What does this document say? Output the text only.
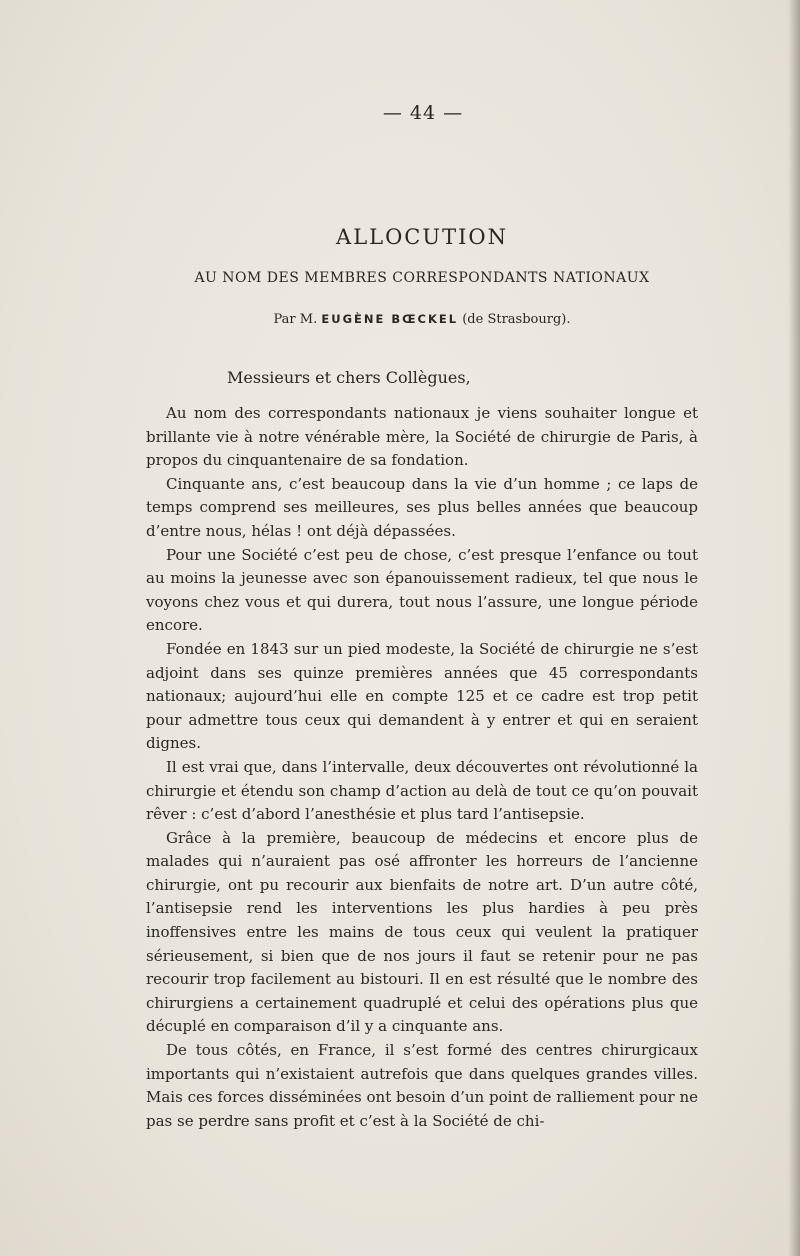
— 44 —
ALLOCUTION
AU NOM DES MEMBRES CORRESPONDANTS NATIONAUX
Par M. EUGÈNE BŒCKEL (de Strasbourg).
Messieurs et chers Collègues,

Au nom des correspondants nationaux je viens souhaiter longue et brillante vie à notre vénérable mère, la Société de chirurgie de Paris, à propos du cinquantenaire de sa fondation.

Cinquante ans, c’est beaucoup dans la vie d’un homme ; ce laps de temps comprend ses meilleures, ses plus belles années que beaucoup d’entre nous, hélas ! ont déjà dépassées.

Pour une Société c’est peu de chose, c’est presque l’enfance ou tout au moins la jeunesse avec son épanouissement radieux, tel que nous le voyons chez vous et qui durera, tout nous l’assure, une longue période encore.

Fondée en 1843 sur un pied modeste, la Société de chirurgie ne s’est adjoint dans ses quinze premières années que 45 correspondants nationaux; aujourd’hui elle en compte 125 et ce cadre est trop petit pour admettre tous ceux qui demandent à y entrer et qui en seraient dignes.

Il est vrai que, dans l’intervalle, deux découvertes ont révolutionné la chirurgie et étendu son champ d’action au delà de tout ce qu’on pouvait rêver : c’est d’abord l’anesthésie et plus tard l’antisepsie.

Grâce à la première, beaucoup de médecins et encore plus de malades qui n’auraient pas osé affronter les horreurs de l’ancienne chirurgie, ont pu recourir aux bienfaits de notre art. D’un autre côté, l’antisepsie rend les interventions les plus hardies à peu près inoffensives entre les mains de tous ceux qui veulent la pratiquer sérieusement, si bien que de nos jours il faut se retenir pour ne pas recourir trop facilement au bistouri. Il en est résulté que le nombre des chirurgiens a certainement quadruplé et celui des opérations plus que décuplé en comparaison d’il y a cinquante ans.

De tous côtés, en France, il s’est formé des centres chirurgicaux importants qui n’existaient autrefois que dans quelques grandes villes. Mais ces forces disséminées ont besoin d’un point de ralliement pour ne pas se perdre sans profit et c’est à la Société de chi-
